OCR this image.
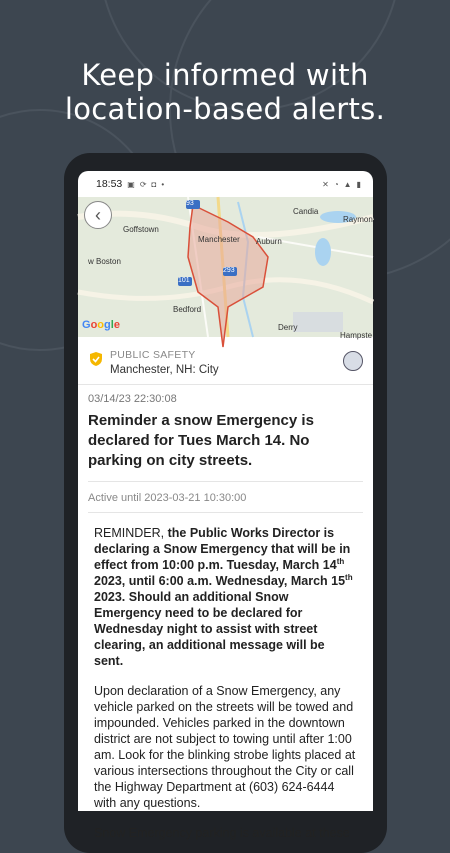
Keep informed with
location-based alerts.
18:53 ▣ ⟳ ◘ •	✕ ◔ ▲ ▮
93
101
293
Candia
Goffstown
Manchester Auburn
Raymon
w Boston
Bedford
Derry
Hampste
‹
Google
PUBLIC SAFETY
Manchester, NH: City
03/14/23 22:30:08
Reminder a snow Emergency is declared for Tues March 14. No parking on city streets.
Active until 2023-03-21 10:30:00

REMINDER, the Public Works Director is declaring a Snow Emergency that will be in effect from 10:00 p.m. Tuesday, March 14th 2023, until 6:00 a.m. Wednesday, March 15th 2023. Should an additional Snow Emergency need to be declared for Wednesday night to assist with street clearing, an additional message will be sent.

Upon declaration of a Snow Emergency, any vehicle parked on the streets will be towed and impounded. Vehicles parked in the downtown district are not subject to towing until after 1:00 am. Look for the blinking strobe lights placed at various intersections throughout the City or call the Highway Department at (603) 624-6444 with any questions.

Snow Emergency parking is available at these
